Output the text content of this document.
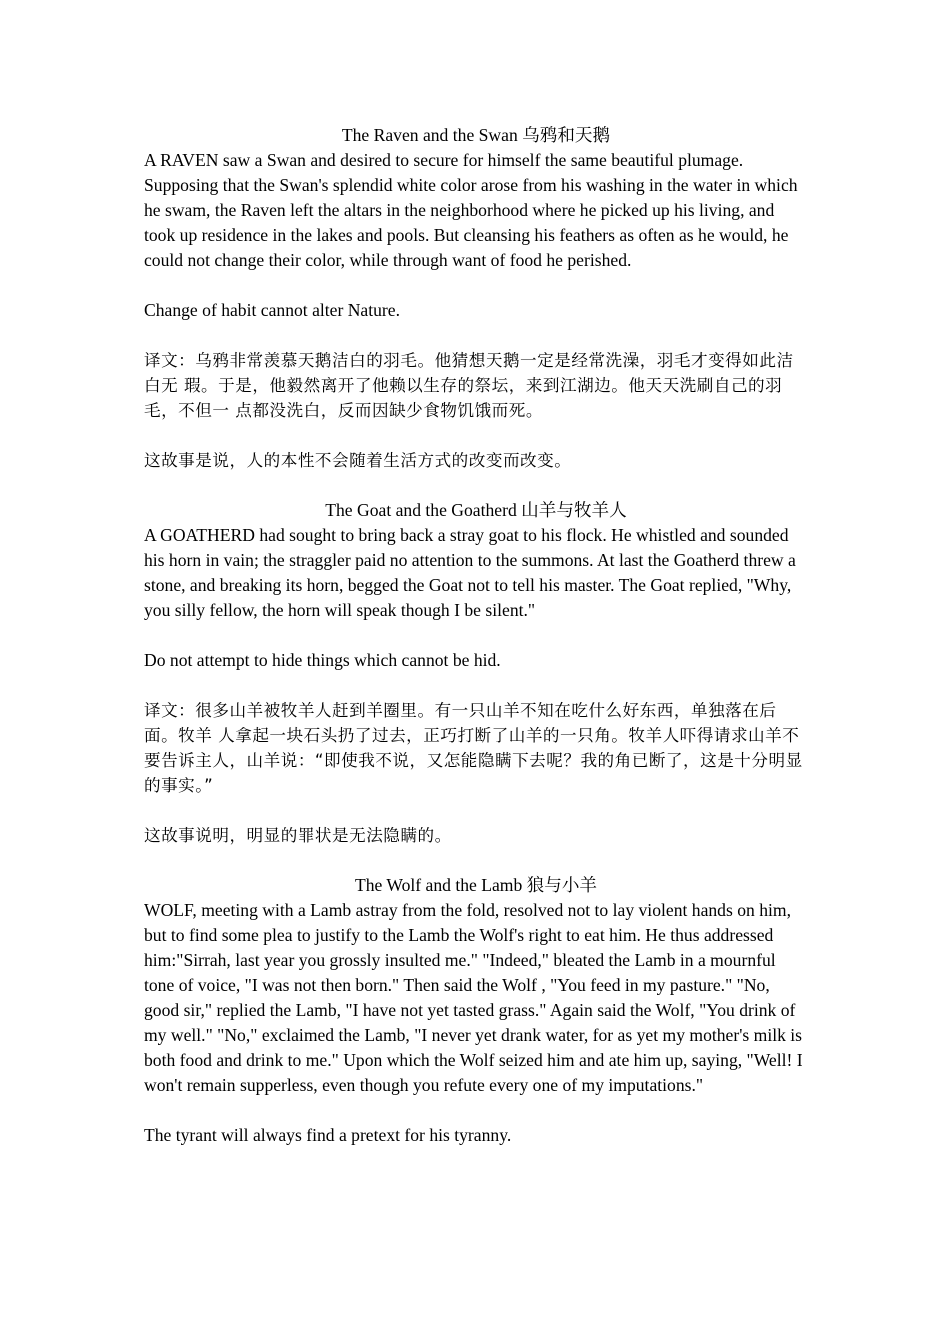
The Raven and the Swan 乌鸦和天鹅

A RAVEN saw a Swan and desired to secure for himself the same beautiful plumage. Supposing that the Swan's splendid white color arose from his washing in the water in which he swam, the Raven left the altars in the neighborhood where he picked up his living, and took up residence in the lakes and pools. But cleansing his feathers as often as he would, he could not change their color, while through want of food he perished.

Change of habit cannot alter Nature.

译文：乌鸦非常羡慕天鹅洁白的羽毛。他猜想天鹅一定是经常洗澡，羽毛才变得如此洁白无 瑕。于是，他毅然离开了他赖以生存的祭坛，来到江湖边。他天天洗刷自己的羽毛，不但一 点都没洗白，反而因缺少食物饥饿而死。

这故事是说，人的本性不会随着生活方式的改变而改变。

The Goat and the Goatherd 山羊与牧羊人

A GOATHERD had sought to bring back a stray goat to his flock. He whistled and sounded his horn in vain; the straggler paid no attention to the summons. At last the Goatherd threw a stone, and breaking its horn, begged the Goat not to tell his master. The Goat replied, "Why, you silly fellow, the horn will speak though I be silent."

Do not attempt to hide things which cannot be hid.

译文：很多山羊被牧羊人赶到羊圈里。有一只山羊不知在吃什么好东西，单独落在后面。牧羊 人拿起一块石头扔了过去，正巧打断了山羊的一只角。牧羊人吓得请求山羊不要告诉主人，山羊说：“即使我不说，又怎能隐瞒下去呢？我的角已断了，这是十分明显的事实。”

这故事说明，明显的罪状是无法隐瞒的。

The Wolf and the Lamb 狼与小羊

WOLF, meeting with a Lamb astray from the fold, resolved not to lay violent hands on him, but to find some plea to justify to the Lamb the Wolf's right to eat him. He thus addressed him:"Sirrah, last year you grossly insulted me." "Indeed," bleated the Lamb in a mournful tone of voice, "I was not then born." Then said the Wolf , "You feed in my pasture." "No, good sir," replied the Lamb, "I have not yet tasted grass." Again said the Wolf, "You drink of my well." "No," exclaimed the Lamb, "I never yet drank water, for as yet my mother's milk is both food and drink to me." Upon which the Wolf seized him and ate him up, saying, "Well! I won't remain supperless, even though you refute every one of my imputations."

The tyrant will always find a pretext for his tyranny.
